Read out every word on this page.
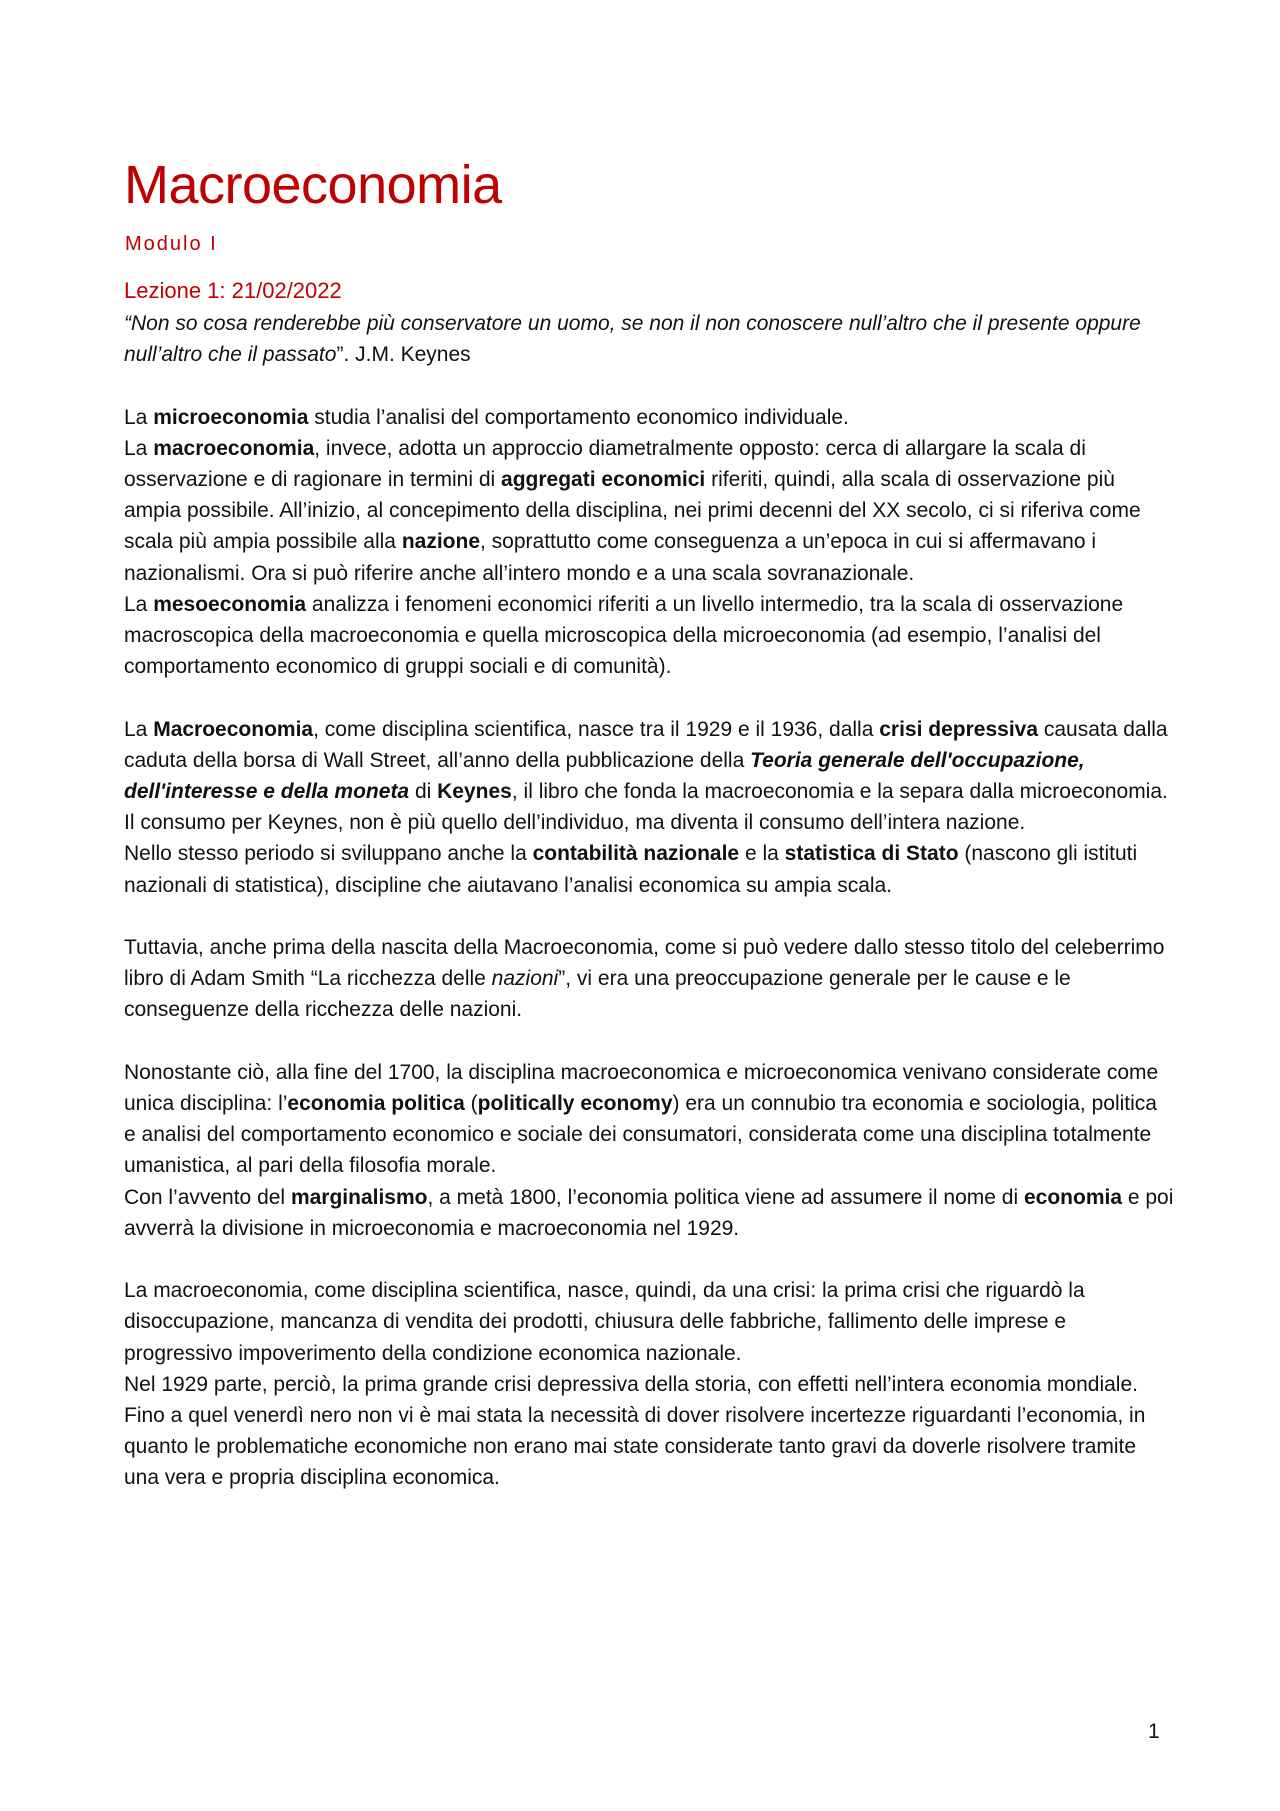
Macroeconomia
Modulo I
Lezione 1: 21/02/2022

“Non so cosa renderebbe più conservatore un uomo, se non il non conoscere null’altro che il presente oppure null’altro che il passato”. J.M. Keynes

La microeconomia studia l’analisi del comportamento economico individuale.
La macroeconomia, invece, adotta un approccio diametralmente opposto: cerca di allargare la scala di osservazione e di ragionare in termini di aggregati economici riferiti, quindi, alla scala di osservazione più ampia possibile. All’inizio, al concepimento della disciplina, nei primi decenni del XX secolo, ci si riferiva come scala più ampia possibile alla nazione, soprattutto come conseguenza a un’epoca in cui si affermavano i nazionalismi. Ora si può riferire anche all’intero mondo e a una scala sovranazionale.
La mesoeconomia analizza i fenomeni economici riferiti a un livello intermedio, tra la scala di osservazione macroscopica della macroeconomia e quella microscopica della microeconomia (ad esempio, l’analisi del comportamento economico di gruppi sociali e di comunità).

La Macroeconomia, come disciplina scientifica, nasce tra il 1929 e il 1936, dalla crisi depressiva causata dalla caduta della borsa di Wall Street, all’anno della pubblicazione della Teoria generale dell'occupazione, dell'interesse e della moneta di Keynes, il libro che fonda la macroeconomia e la separa dalla microeconomia. Il consumo per Keynes, non è più quello dell’individuo, ma diventa il consumo dell’intera nazione.
Nello stesso periodo si sviluppano anche la contabilità nazionale e la statistica di Stato (nascono gli istituti nazionali di statistica), discipline che aiutavano l’analisi economica su ampia scala.

Tuttavia, anche prima della nascita della Macroeconomia, come si può vedere dallo stesso titolo del celeberrimo libro di Adam Smith “La ricchezza delle nazioni”, vi era una preoccupazione generale per le cause e le conseguenze della ricchezza delle nazioni.

Nonostante ciò, alla fine del 1700, la disciplina macroeconomica e microeconomica venivano considerate come unica disciplina: l’economia politica (politically economy) era un connubio tra economia e sociologia, politica e analisi del comportamento economico e sociale dei consumatori, considerata come una disciplina totalmente umanistica, al pari della filosofia morale.
Con l’avvento del marginalismo, a metà 1800, l’economia politica viene ad assumere il nome di economia e poi avverrà la divisione in microeconomia e macroeconomia nel 1929.

La macroeconomia, come disciplina scientifica, nasce, quindi, da una crisi: la prima crisi che riguardò la disoccupazione, mancanza di vendita dei prodotti, chiusura delle fabbriche, fallimento delle imprese e progressivo impoverimento della condizione economica nazionale.
Nel 1929 parte, perciò, la prima grande crisi depressiva della storia, con effetti nell’intera economia mondiale.
Fino a quel venerdì nero non vi è mai stata la necessità di dover risolvere incertezze riguardanti l’economia, in quanto le problematiche economiche non erano mai state considerate tanto gravi da doverle risolvere tramite una vera e propria disciplina economica.

1
